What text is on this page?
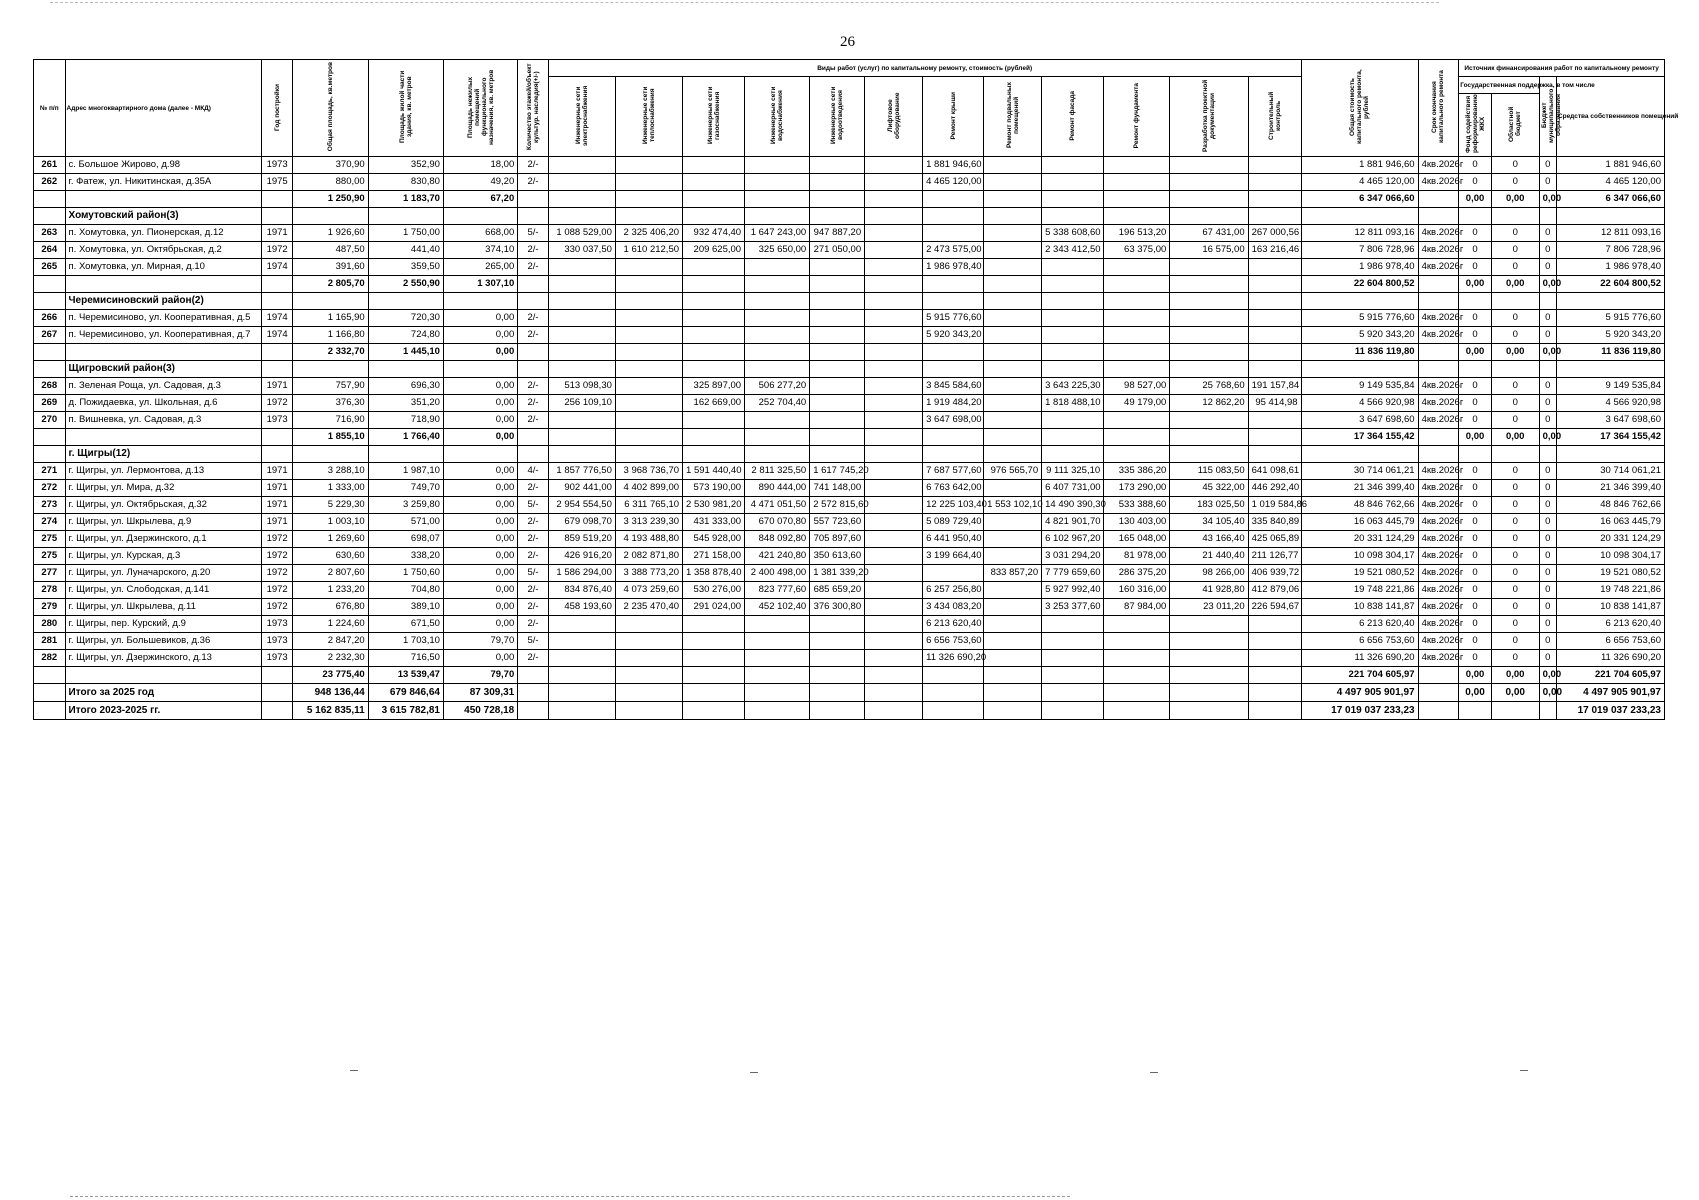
26
№ п/п	Адрес многоквартирного дома (далее - МКД)	Год постройки	Общая площадь, кв.метров	Площадь жилой части здания, кв. метров	Площадь нежилых помещений функционального назначения, кв. метров	Количество этажей/объект культур. наследия(+/-)	Виды работ (услуг) по капитальному ремонту, стоимость (рублей)												Общая стоимость капитального ремонта, рублей	Срок окончания капитального ремонта	Источник финансирования работ по капитальному ремонту			
							Инженерные сети электроснабжения	Инженерные сети теплоснабжения	Инженерные сети газоснабжения	Инженерные сети водоснабжения	Инженерные сети водоотведения	Лифтовое оборудование	Ремонт крыши	Ремонт подвальных помещений	Ремонт фасада	Ремонт фундамента	Разработка проектной документации	Строительный контроль			Государственная поддержка, в том числе		Бюджет муниципального образования	Средства собственников помещений
																					Фонд содействия реформированию ЖКХ	Областной бюджет		
261	с. Большое Жирово, д.98	1973	370,90	352,90	18,00	2/-							1 881 946,60						1 881 946,60	4кв.2026г	0	0	0	1 881 946,60
262	г. Фатеж, ул. Никитинская, д.35А	1975	880,00	830,80	49,20	2/-							4 465 120,00						4 465 120,00	4кв.2026г	0	0	0	4 465 120,00
			1 250,90	1 183,70	67,20														6 347 066,60		0,00	0,00	0,00	6 347 066,60
	Хомутовский район(3)																							
263	п. Хомутовка, ул. Пионерская, д.12	1971	1 926,60	1 750,00	668,00	5/-	1 088 529,00	2 325 406,20	932 474,40	1 647 243,00	947 887,20				5 338 608,60	196 513,20	67 431,00	267 000,56	12 811 093,16	4кв.2026г	0	0	0	12 811 093,16
264	п. Хомутовка, ул. Октябрьская, д.2	1972	487,50	441,40	374,10	2/-	330 037,50	1 610 212,50	209 625,00	325 650,00	271 050,00		2 473 575,00		2 343 412,50	63 375,00	16 575,00	163 216,46	7 806 728,96	4кв.2026г	0	0	0	7 806 728,96
265	п. Хомутовка, ул. Мирная, д.10	1974	391,60	359,50	265,00	2/-							1 986 978,40						1 986 978,40	4кв.2026г	0	0	0	1 986 978,40
			2 805,70	2 550,90	1 307,10														22 604 800,52		0,00	0,00	0,00	22 604 800,52
	Черемисиновский район(2)																							
266	п. Черемисиново, ул. Кооперативная, д.5	1974	1 165,90	720,30	0,00	2/-							5 915 776,60						5 915 776,60	4кв.2026г	0	0	0	5 915 776,60
267	п. Черемисиново, ул. Кооперативная, д.7	1974	1 166,80	724,80	0,00	2/-							5 920 343,20						5 920 343,20	4кв.2026г	0	0	0	5 920 343,20
			2 332,70	1 445,10	0,00														11 836 119,80		0,00	0,00	0,00	11 836 119,80
	Щигровский район(3)																							
268	п. Зеленая Роща, ул. Садовая, д.3	1971	757,90	696,30	0,00	2/-	513 098,30		325 897,00	506 277,20			3 845 584,60		3 643 225,30	98 527,00	25 768,60	191 157,84	9 149 535,84	4кв.2026г	0	0	0	9 149 535,84
269	д. Пожидаевка, ул. Школьная, д.6	1972	376,30	351,20	0,00	2/-	256 109,10		162 669,00	252 704,40			1 919 484,20		1 818 488,10	49 179,00	12 862,20	95 414,98	4 566 920,98	4кв.2026г	0	0	0	4 566 920,98
270	п. Вишневка, ул. Садовая, д.3	1973	716,90	718,90	0,00	2/-							3 647 698,00						3 647 698,60	4кв.2026г	0	0	0	3 647 698,60
			1 855,10	1 766,40	0,00														17 364 155,42		0,00	0,00	0,00	17 364 155,42
	г. Щигры(12)																							
271	г. Щигры, ул. Лермонтова, д.13	1971	3 288,10	1 987,10	0,00	4/-	1 857 776,50	3 968 736,70	1 591 440,40	2 811 325,50	1 617 745,20		7 687 577,60	976 565,70	9 111 325,10	335 386,20	115 083,50	641 098,61	30 714 061,21	4кв.2026г	0	0	0	30 714 061,21
272	г. Щигры, ул. Мира, д.32	1971	1 333,00	749,70	0,00	2/-	902 441,00	4 402 899,00	573 190,00	890 444,00	741 148,00		6 763 642,00		6 407 731,00	173 290,00	45 322,00	446 292,40	21 346 399,40	4кв.2026г	0	0	0	21 346 399,40
273	г. Щигры, ул. Октябрьская, д.32	1971	5 229,30	3 259,80	0,00	5/-	2 954 554,50	6 311 765,10	2 530 981,20	4 471 051,50	2 572 815,60		12 225 103,40	1 553 102,10	14 490 390,30	533 388,60	183 025,50	1 019 584,86	48 846 762,66	4кв.2026г	0	0	0	48 846 762,66
274	г. Щигры, ул. Шкрылева, д.9	1971	1 003,10	571,00	0,00	2/-	679 098,70	3 313 239,30	431 333,00	670 070,80	557 723,60		5 089 729,40		4 821 901,70	130 403,00	34 105,40	335 840,89	16 063 445,79	4кв.2026г	0	0	0	16 063 445,79
275	г. Щигры, ул. Дзержинского, д.1	1972	1 269,60	698,07	0,00	2/-	859 519,20	4 193 488,80	545 928,00	848 092,80	705 897,60		6 441 950,40		6 102 967,20	165 048,00	43 166,40	425 065,89	20 331 124,29	4кв.2026г	0	0	0	20 331 124,29
275	г. Щигры, ул. Курская, д.3	1972	630,60	338,20	0,00	2/-	426 916,20	2 082 871,80	271 158,00	421 240,80	350 613,60		3 199 664,40		3 031 294,20	81 978,00	21 440,40	211 126,77	10 098 304,17	4кв.2026г	0	0	0	10 098 304,17
277	г. Щигры, ул. Луначарского, д.20	1972	2 807,60	1 750,60	0,00	5/-	1 586 294,00	3 388 773,20	1 358 878,40	2 400 498,00	1 381 339,20			833 857,20	7 779 659,60	286 375,20	98 266,00	406 939,72	19 521 080,52	4кв.2026г	0	0	0	19 521 080,52
278	г. Щигры, ул. Слободская, д.141	1972	1 233,20	704,80	0,00	2/-	834 876,40	4 073 259,60	530 276,00	823 777,60	685 659,20		6 257 256,80		5 927 992,40	160 316,00	41 928,80	412 879,06	19 748 221,86	4кв.2026г	0	0	0	19 748 221,86
279	г. Щигры, ул. Шкрылева, д.11	1972	676,80	389,10	0,00	2/-	458 193,60	2 235 470,40	291 024,00	452 102,40	376 300,80		3 434 083,20		3 253 377,60	87 984,00	23 011,20	226 594,67	10 838 141,87	4кв.2026г	0	0	0	10 838 141,87
280	г. Щигры, пер. Курский, д.9	1973	1 224,60	671,50	0,00	2/-							6 213 620,40						6 213 620,40	4кв.2026г	0	0	0	6 213 620,40
281	г. Щигры, ул. Большевиков, д.36	1973	2 847,20	1 703,10	79,70	5/-							6 656 753,60						6 656 753,60	4кв.2026г	0	0	0	6 656 753,60
282	г. Щигры, ул. Дзержинского, д.13	1973	2 232,30	716,50	0,00	2/-							11 326 690,20						11 326 690,20	4кв.2026г	0	0	0	11 326 690,20
			23 775,40	13 539,47	79,70														221 704 605,97		0,00	0,00	0,00	221 704 605,97
	Итого за 2025 год		948 136,44	679 846,64	87 309,31														4 497 905 901,97		0,00	0,00	0,00	4 497 905 901,97
	Итого 2023-2025 гг.		5 162 835,11	3 615 782,81	450 728,18														17 019 037 233,23					17 019 037 233,23
